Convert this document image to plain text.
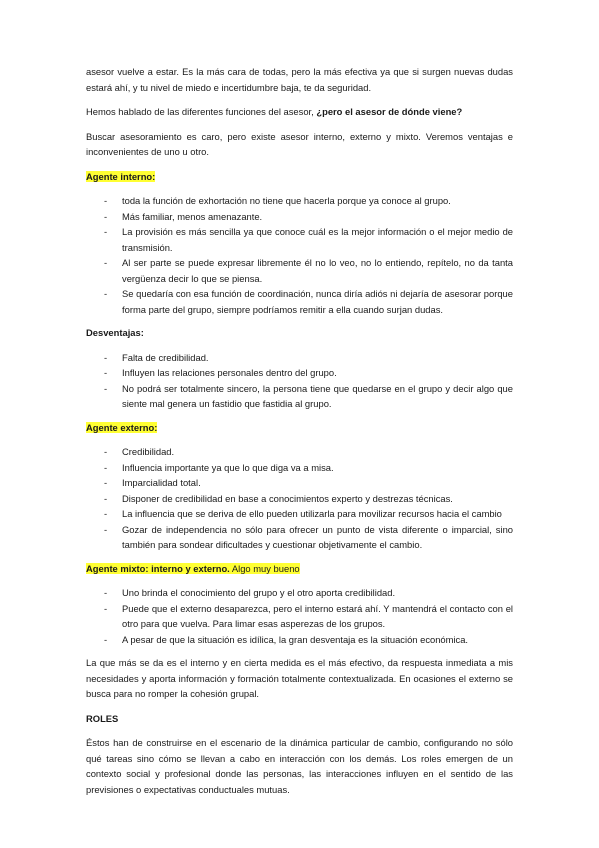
asesor vuelve a estar. Es la más cara de todas, pero la más efectiva ya que si surgen nuevas dudas estará ahí, y tu nivel de miedo e incertidumbre baja, te da seguridad.

Hemos hablado de las diferentes funciones del asesor, ¿pero el asesor de dónde viene?

Buscar asesoramiento es caro, pero existe asesor interno, externo y mixto. Veremos ventajas e inconvenientes de uno u otro.

Agente interno:

- toda la función de exhortación no tiene que hacerla porque ya conoce al grupo.
- Más familiar, menos amenazante.
- La provisión es más sencilla ya que conoce cuál es la mejor información o el mejor medio de transmisión.
- Al ser parte se puede expresar libremente él no lo veo, no lo entiendo, repítelo, no da tanta vergüenza decir lo que se piensa.
- Se quedaría con esa función de coordinación, nunca diría adiós ni dejaría de asesorar porque forma parte del grupo, siempre podríamos remitir a ella cuando surjan dudas.

Desventajas:

- Falta de credibilidad.
- Influyen las relaciones personales dentro del grupo.
- No podrá ser totalmente sincero, la persona tiene que quedarse en el grupo y decir algo que siente mal genera un fastidio que fastidia al grupo.

Agente externo:

- Credibilidad.
- Influencia importante ya que lo que diga va a misa.
- Imparcialidad total.
- Disponer de credibilidad en base a conocimientos experto y destrezas técnicas.
- La influencia que se deriva de ello pueden utilizarla para movilizar recursos hacia el cambio
- Gozar de independencia no sólo para ofrecer un punto de vista diferente o imparcial, sino también para sondear dificultades y cuestionar objetivamente el cambio.

Agente mixto: interno y externo. Algo muy bueno

- Uno brinda el conocimiento del grupo y el otro aporta credibilidad.
- Puede que el externo desaparezca, pero el interno estará ahí. Y mantendrá el contacto con el otro para que vuelva. Para limar esas asperezas de los grupos.
- A pesar de que la situación es idílica, la gran desventaja es la situación económica.

La que más se da es el interno y en cierta medida es el más efectivo, da respuesta inmediata a mis necesidades y aporta información y formación totalmente contextualizada. En ocasiones el externo se busca para no romper la cohesión grupal.

ROLES

Éstos han de construirse en el escenario de la dinámica particular de cambio, configurando no sólo qué tareas sino cómo se llevan a cabo en interacción con los demás. Los roles emergen de un contexto social y profesional donde las personas, las interacciones influyen en el sentido de las previsiones o expectativas conductuales mutuas.
